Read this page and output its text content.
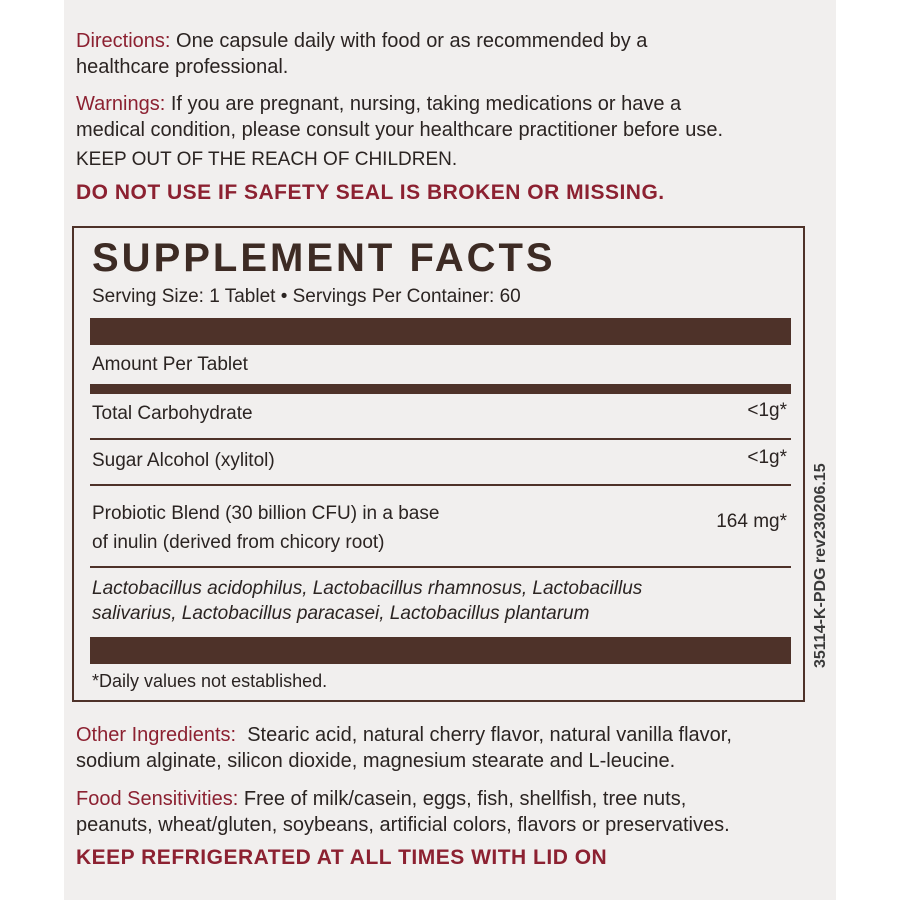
Directions: One capsule daily with food or as recommended by a
healthcare professional.
Warnings: If you are pregnant, nursing, taking medications or have a
medical condition, please consult your healthcare practitioner before use.
KEEP OUT OF THE REACH OF CHILDREN.
DO NOT USE IF SAFETY SEAL IS BROKEN OR MISSING.
SUPPLEMENT FACTS
Serving Size: 1 Tablet • Servings Per Container: 60
Amount Per Tablet
Total Carbohydrate	<1g*
Sugar Alcohol (xylitol)	<1g*
Probiotic Blend (30 billion CFU) in a base
of inulin (derived from chicory root)
164 mg*
Lactobacillus acidophilus, Lactobacillus rhamnosus, Lactobacillus
salivarius, Lactobacillus paracasei, Lactobacillus plantarum
*Daily values not established.
Other Ingredients:  Stearic acid, natural cherry flavor, natural vanilla flavor,
sodium alginate, silicon dioxide, magnesium stearate and L-leucine.
Food Sensitivities: Free of milk/casein, eggs, fish, shellfish, tree nuts,
peanuts, wheat/gluten, soybeans, artificial colors, flavors or preservatives.
KEEP REFRIGERATED AT ALL TIMES WITH LID ON
35114-K-PDG rev230206.15
